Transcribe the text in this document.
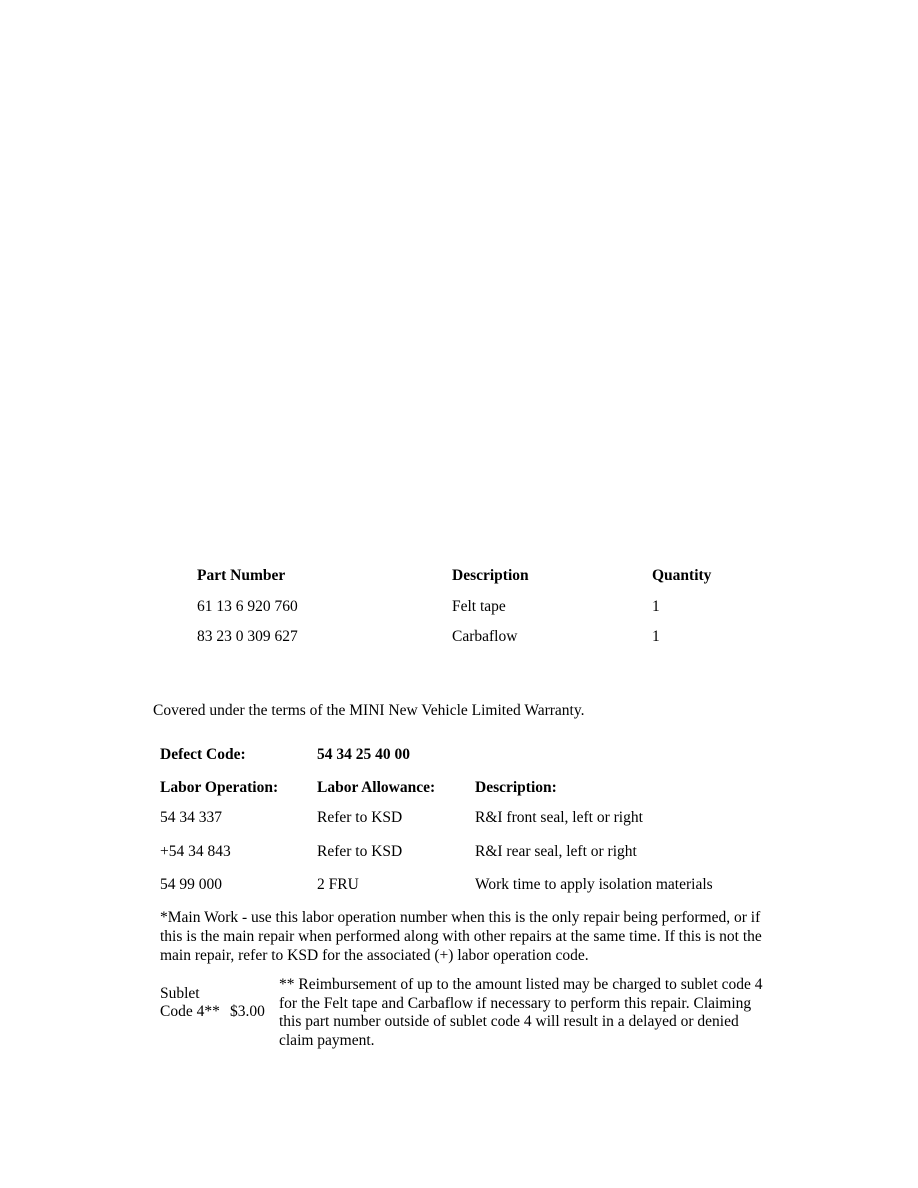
Part Number	Description	Quantity
61 13 6 920 760	Felt tape	1
83 23 0 309 627	Carbaflow	1
Covered under the terms of the MINI New Vehicle Limited Warranty.
Defect Code:	54 34 25 40 00
Labor Operation:	Labor Allowance:	Description:
54 34 337	Refer to KSD	R&I front seal, left or right
+54 34 843	Refer to KSD	R&I rear seal, left or right
54 99 000	2 FRU	Work time to apply isolation materials
*Main Work - use this labor operation number when this is the only repair being performed, or if this is the main repair when performed along with other repairs at the same time. If this is not the main repair, refer to KSD for the associated (+) labor operation code.
Sublet Code 4** $3.00
** Reimbursement of up to the amount listed may be charged to sublet code 4 for the Felt tape and Carbaflow if necessary to perform this repair. Claiming this part number outside of sublet code 4 will result in a delayed or denied claim payment.
